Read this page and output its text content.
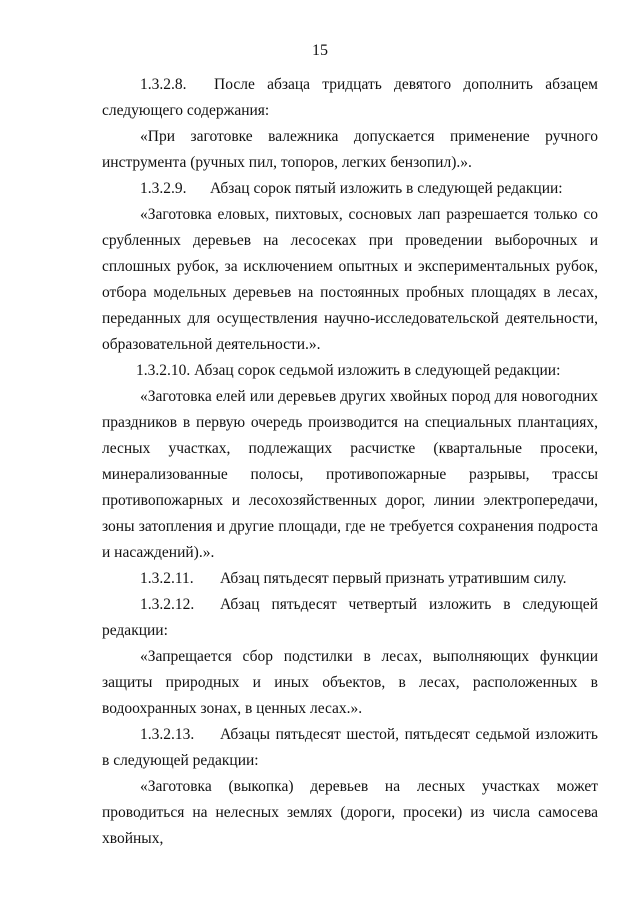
15

1.3.2.8. После абзаца тридцать девятого дополнить абзацем следующего содержания:

«При заготовке валежника допускается применение ручного инструмента (ручных пил, топоров, легких бензопил).».

1.3.2.9. Абзац сорок пятый изложить в следующей редакции:

«Заготовка еловых, пихтовых, сосновых лап разрешается только со срубленных деревьев на лесосеках при проведении выборочных и сплошных рубок, за исключением опытных и экспериментальных рубок, отбора модельных деревьев на постоянных пробных площадях в лесах, переданных для осуществления научно-исследовательской деятельности, образовательной деятельности.».

1.3.2.10. Абзац сорок седьмой изложить в следующей редакции:

«Заготовка елей или деревьев других хвойных пород для новогодних праздников в первую очередь производится на специальных плантациях, лесных участках, подлежащих расчистке (квартальные просеки, минерализованные полосы, противопожарные разрывы, трассы противопожарных и лесохозяйственных дорог, линии электропередачи, зоны затопления и другие площади, где не требуется сохранения подроста и насаждений).».

1.3.2.11. Абзац пятьдесят первый признать утратившим силу.

1.3.2.12. Абзац пятьдесят четвертый изложить в следующей редакции:

«Запрещается сбор подстилки в лесах, выполняющих функции защиты природных и иных объектов, в лесах, расположенных в водоохранных зонах, в ценных лесах.».

1.3.2.13. Абзацы пятьдесят шестой, пятьдесят седьмой изложить в следующей редакции:

«Заготовка (выкопка) деревьев на лесных участках может проводиться на нелесных землях (дороги, просеки) из числа самосева хвойных,
